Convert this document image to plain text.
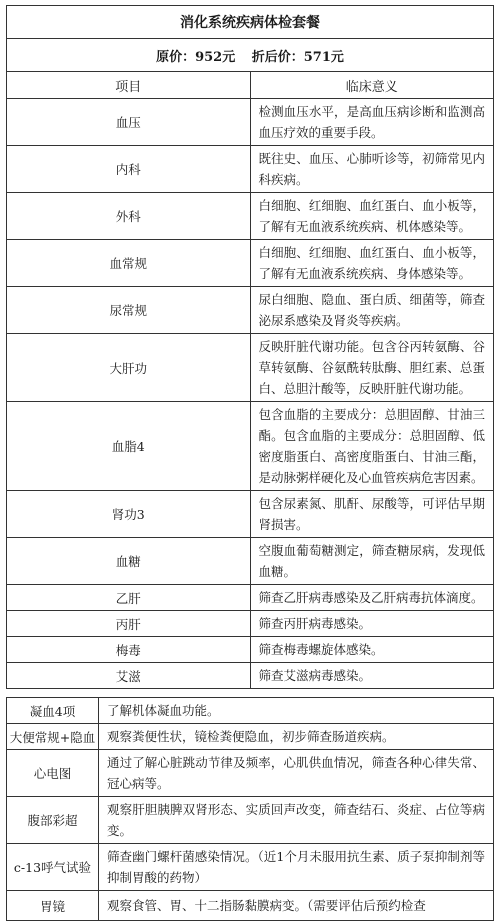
消化系统疾病体检套餐	
原价：952元 折后价：571元	
项目	临床意义
血压	检测血压水平，是高血压病诊断和监测高血压疗效的重要手段。
内科	既往史、血压、心肺听诊等，初筛常见内科疾病。
外科	白细胞、红细胞、血红蛋白、血小板等，了解有无血液系统疾病、机体感染等。
血常规	白细胞、红细胞、血红蛋白、血小板等，了解有无血液系统疾病、身体感染等。
尿常规	尿白细胞、隐血、蛋白质、细菌等，筛查泌尿系感染及肾炎等疾病。
大肝功	反映肝脏代谢功能。包含谷丙转氨酶、谷草转氨酶、谷氨酰转肽酶、胆红素、总蛋白、总胆汁酸等，反映肝脏代谢功能。
血脂4	包含血脂的主要成分：总胆固醇、甘油三酯。包含血脂的主要成分：总胆固醇、低密度脂蛋白、高密度脂蛋白、甘油三酯，是动脉粥样硬化及心血管疾病危害因素。
肾功3	包含尿素氮、肌酐、尿酸等，可评估早期肾损害。
血糖	空腹血葡萄糖测定，筛查糖尿病，发现低血糖。
乙肝	筛查乙肝病毒感染及乙肝病毒抗体滴度。
丙肝	筛查丙肝病毒感染。
梅毒	筛查梅毒螺旋体感染。
艾滋	筛查艾滋病毒感染。
凝血4项	了解机体凝血功能。
大便常规+隐血	观察粪便性状，镜检粪便隐血，初步筛查肠道疾病。
心电图	通过了解心脏跳动节律及频率，心肌供血情况，筛查各种心律失常、冠心病等。
腹部彩超	观察肝胆胰脾双肾形态、实质回声改变，筛查结石、炎症、占位等病变。
c-13呼气试验	筛查幽门螺杆菌感染情况。（近1个月未服用抗生素、质子泵抑制剂等抑制胃酸的药物）
胃镜	观察食管、胃、十二指肠黏膜病变。（需要评估后预约检查
